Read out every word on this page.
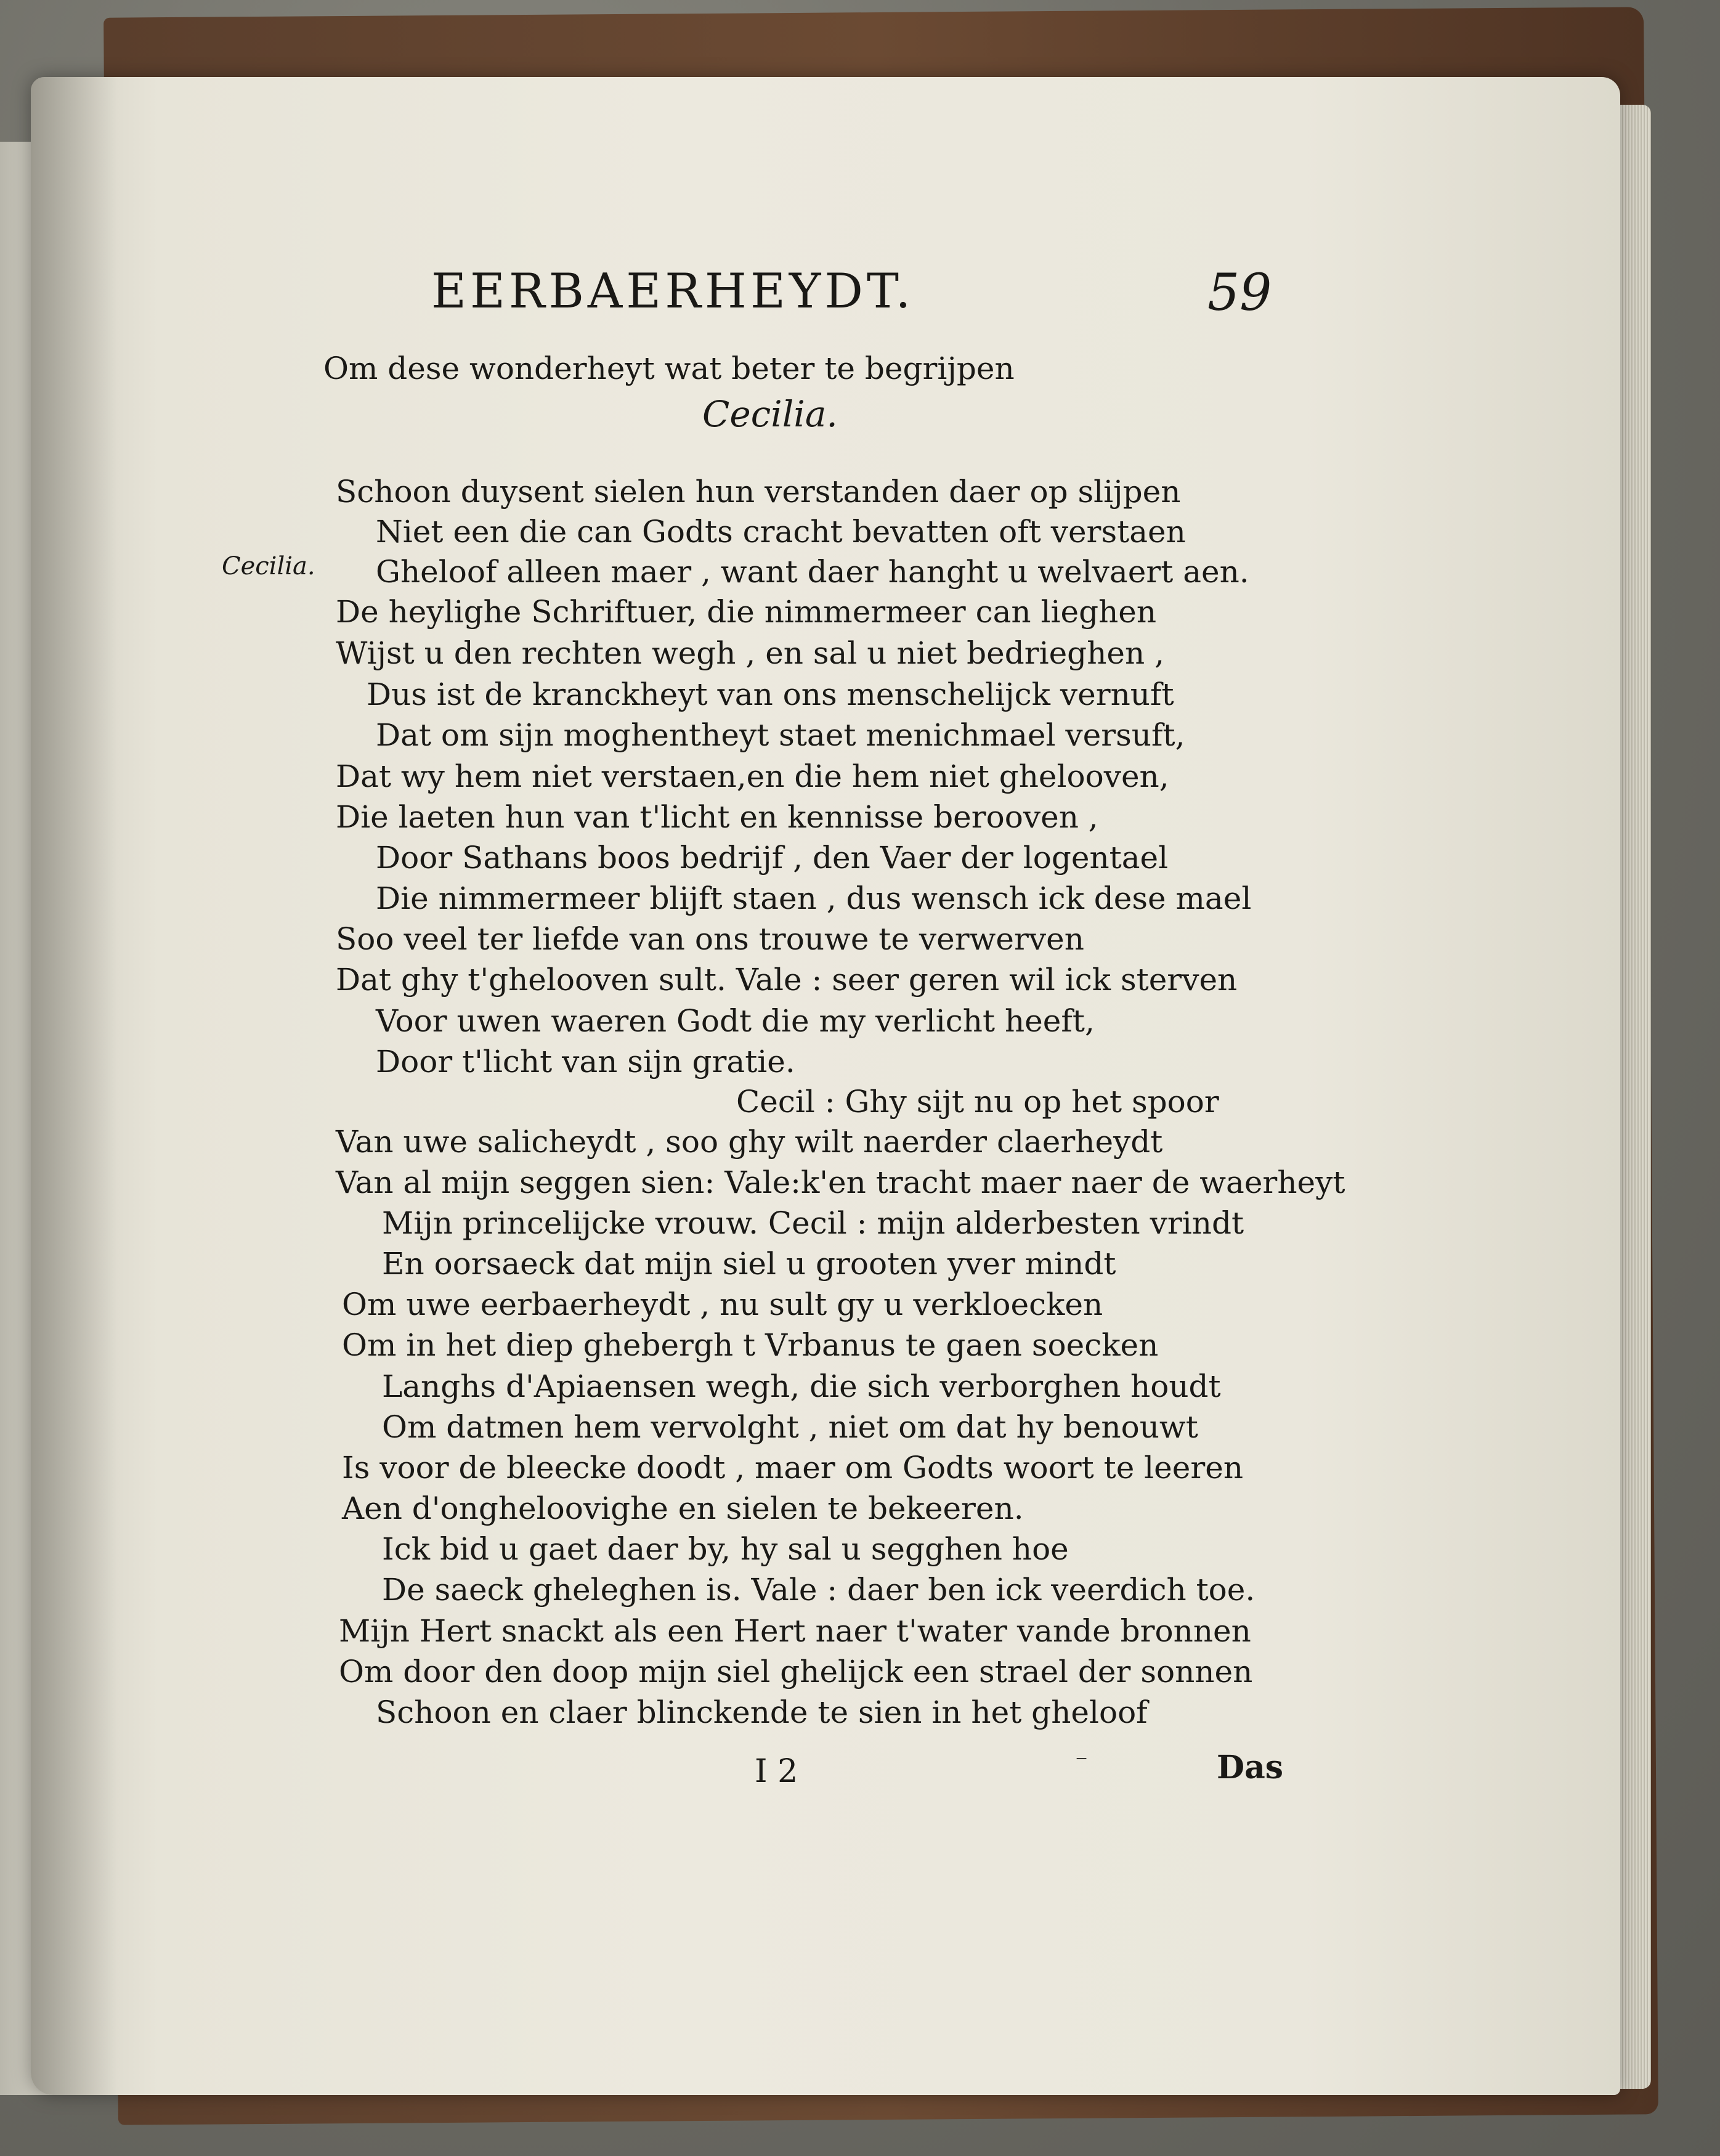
EERBAERHEYDT.	59
Cecilia.
Om dese wonderheyt wat beter te begrijpen
Cecilia.
Schoon duysent sielen hun verstanden daer op slijpen
Niet een die can Godts cracht bevatten oft verstaen
Gheloof alleen maer , want daer hanght u welvaert aen.
De heylighe Schriftuer, die nimmermeer can lieghen
Wijst u den rechten wegh , en sal u niet bedrieghen ,
Dus ist de kranckheyt van ons menschelijck vernuft
Dat om sijn moghentheyt staet menichmael versuft,
Dat wy hem niet verstaen,en die hem niet ghelooven,
Die laeten hun van t'licht en kennisse berooven ,
Door Sathans boos bedrijf , den Vaer der logentael
Die nimmermeer blijft staen , dus wensch ick dese mael
Soo veel ter liefde van ons trouwe te verwerven
Dat ghy t'ghelooven sult. Vale : seer geren wil ick sterven
Voor uwen waeren Godt die my verlicht heeft,
Door t'licht van sijn gratie.
Cecil : Ghy sijt nu op het spoor
Van uwe salicheydt , soo ghy wilt naerder claerheydt
Van al mijn seggen sien: Vale:k'en tracht maer naer de waerheyt
Mijn princelijcke vrouw. Cecil : mijn alderbesten vrindt
En oorsaeck dat mijn siel u grooten yver mindt
Om uwe eerbaerheydt , nu sult gy u verkloecken
Om in het diep ghebergh t Vrbanus te gaen soecken
Langhs d'Apiaensen wegh, die sich verborghen houdt
Om datmen hem vervolght , niet om dat hy benouwt
Is voor de bleecke doodt , maer om Godts woort te leeren
Aen d'ongheloovighe en sielen te bekeeren.
Ick bid u gaet daer by, hy sal u segghen hoe
De saeck gheleghen is. Vale : daer ben ick veerdich toe.
Mijn Hert snackt als een Hert naer t'water vande bronnen
Om door den doop mijn siel ghelijck een strael der sonnen
Schoon en claer blinckende te sien in het gheloof
I 2	⁻	Das
